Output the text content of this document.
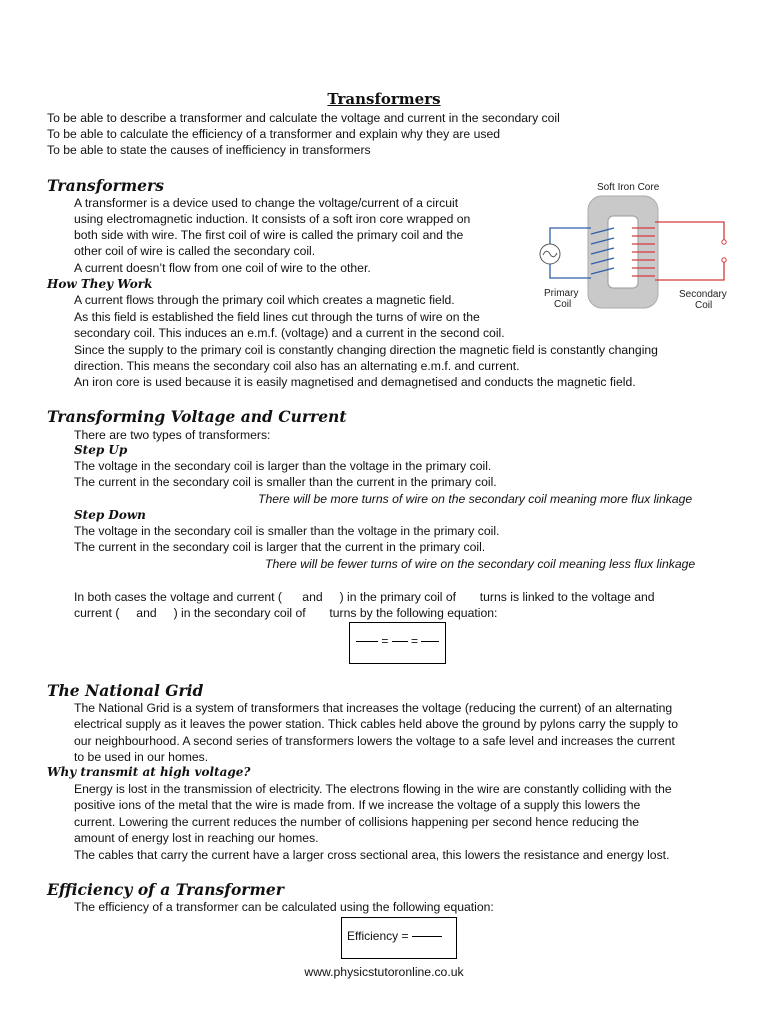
Transformers
To be able to describe a transformer and calculate the voltage and current in the secondary coil
To be able to calculate the efficiency of a transformer and explain why they are used
To be able to state the causes of inefficiency in transformers
Transformers
A transformer is a device used to change the voltage/current of a circuit
using electromagnetic induction. It consists of a soft iron core wrapped on
both side with wire. The first coil of wire is called the primary coil and the
other coil of wire is called the secondary coil.
A current doesn’t flow from one coil of wire to the other.
How They Work
A current flows through the primary coil which creates a magnetic field.
As this field is established the field lines cut through the turns of wire on the
secondary coil. This induces an e.m.f. (voltage) and a current in the second coil.
Since the supply to the primary coil is constantly changing direction the magnetic field is constantly changing
direction. This means the secondary coil also has an alternating e.m.f. and current.
An iron core is used because it is easily magnetised and demagnetised and conducts the magnetic field.
Soft Iron Core
Primary
Coil
Secondary
Coil
Transforming Voltage and Current
There are two types of transformers:
Step Up
The voltage in the secondary coil is larger than the voltage in the primary coil.
The current in the secondary coil is smaller than the current in the primary coil.
There will be more turns of wire on the secondary coil meaning more flux linkage
Step Down
The voltage in the secondary coil is smaller than the voltage in the primary coil.
The current in the secondary coil is larger that the current in the primary coil.
There will be fewer turns of wire on the secondary coil meaning less flux linkage
In both cases the voltage and current (      and     ) in the primary coil of       turns is linked to the voltage and
current (     and     ) in the secondary coil of       turns by the following equation:
= =
The National Grid
The National Grid is a system of transformers that increases the voltage (reducing the current) of an alternating
electrical supply as it leaves the power station. Thick cables held above the ground by pylons carry the supply to
our neighbourhood. A second series of transformers lowers the voltage to a safe level and increases the current
to be used in our homes.
Why transmit at high voltage?
Energy is lost in the transmission of electricity. The electrons flowing in the wire are constantly colliding with the
positive ions of the metal that the wire is made from. If we increase the voltage of a supply this lowers the
current. Lowering the current reduces the number of collisions happening per second hence reducing the
amount of energy lost in reaching our homes.
The cables that carry the current have a larger cross sectional area, this lowers the resistance and energy lost.
Efficiency of a Transformer
The efficiency of a transformer can be calculated using the following equation:
Efficiency =
www.physicstutoronline.co.uk
